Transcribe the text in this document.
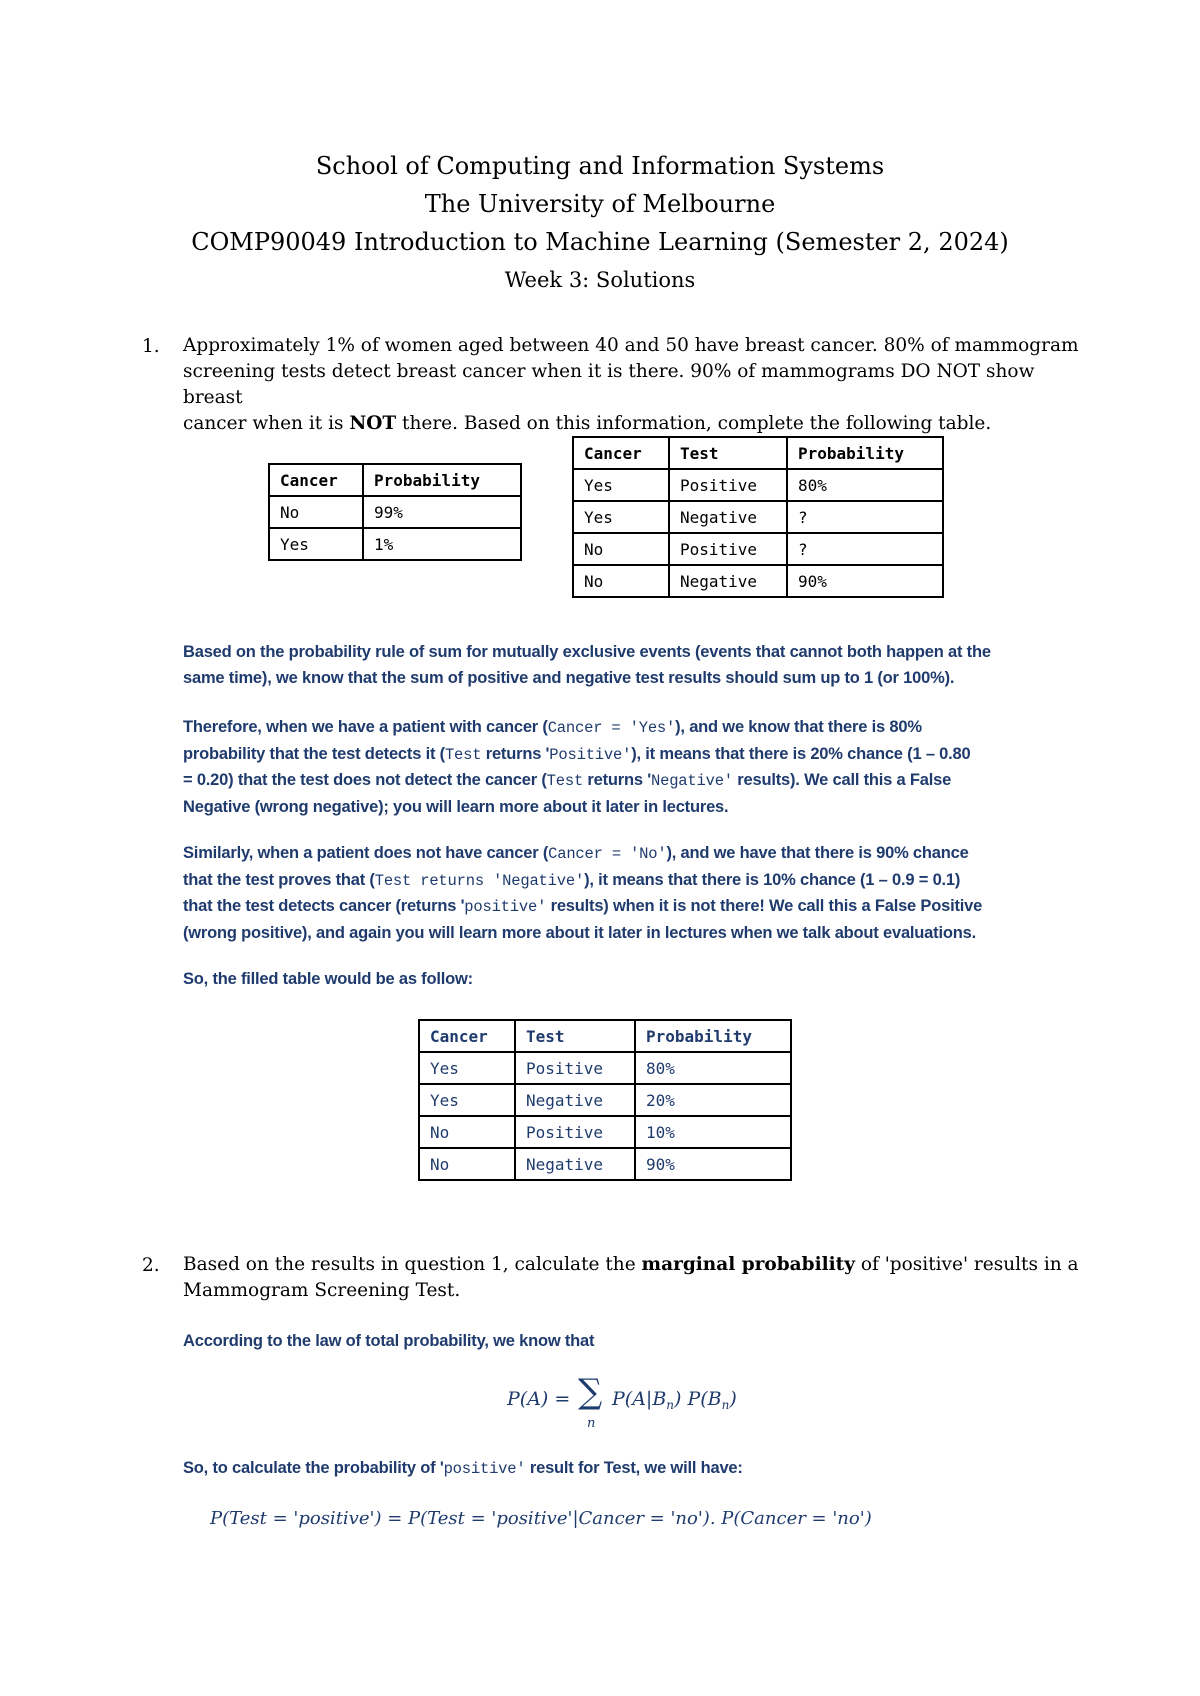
School of Computing and Information Systems
The University of Melbourne
COMP90049 Introduction to Machine Learning (Semester 2, 2024)
Week 3: Solutions
1. Approximately 1% of women aged between 40 and 50 have breast cancer. 80% of mammogram
screening tests detect breast cancer when it is there. 90% of mammograms DO NOT show breast
cancer when it is NOT there. Based on this information, complete the following table.
Cancer	Probability
No	99%
Yes	1%
Cancer	Test	Probability
Yes	Positive	80%
Yes	Negative	?
No	Positive	?
No	Negative	90%
Based on the probability rule of sum for mutually exclusive events (events that cannot both happen at the
same time), we know that the sum of positive and negative test results should sum up to 1 (or 100%).
Therefore, when we have a patient with cancer (Cancer = 'Yes'), and we know that there is 80%
probability that the test detects it (Test returns 'Positive'), it means that there is 20% chance (1 – 0.80
= 0.20) that the test does not detect the cancer (Test returns 'Negative' results). We call this a False
Negative (wrong negative); you will learn more about it later in lectures.
Similarly, when a patient does not have cancer (Cancer = 'No'), and we have that there is 90% chance
that the test proves that (Test returns 'Negative'), it means that there is 10% chance (1 – 0.9 = 0.1)
that the test detects cancer (returns 'positive' results) when it is not there! We call this a False Positive
(wrong positive), and again you will learn more about it later in lectures when we talk about evaluations.
So, the filled table would be as follow:
Cancer	Test	Probability
Yes	Positive	80%
Yes	Negative	20%
No	Positive	10%
No	Negative	90%
2. Based on the results in question 1, calculate the marginal probability of 'positive' results in a
Mammogram Screening Test.
According to the law of total probability, we know that
P(A) = ∑
n
$P(A|B_n)$ $P(B_n)$
So, to calculate the probability of 'positive' result for Test, we will have:
P(Test = 'positive') = P(Test = 'positive'|Cancer = 'no'). P(Cancer = 'no')
